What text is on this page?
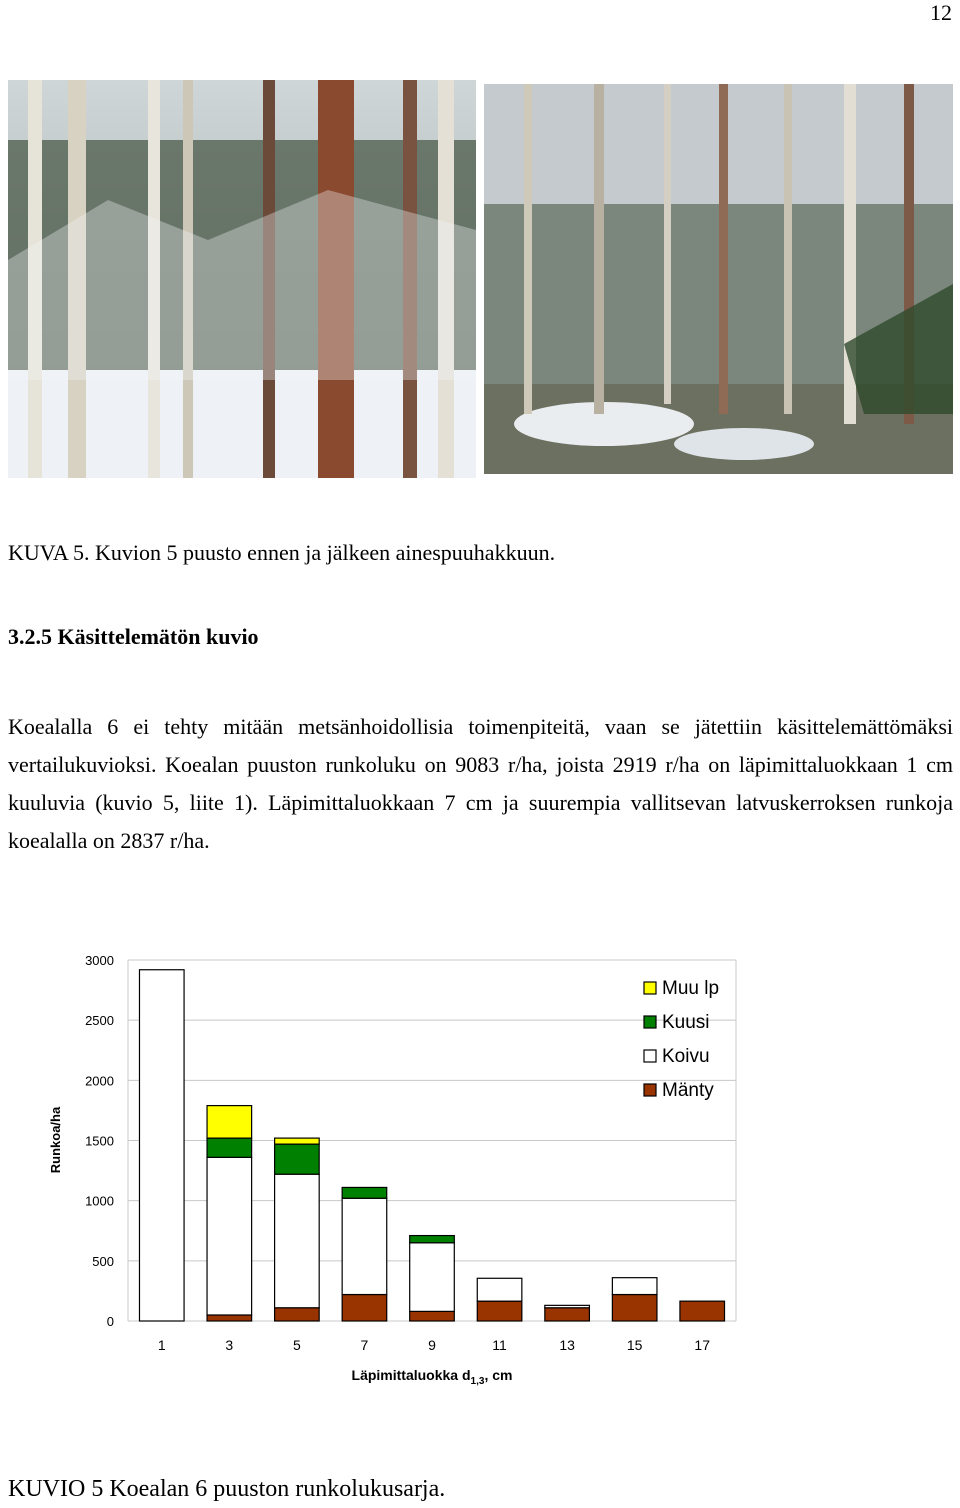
12
KUVA 5. Kuvion 5 puusto ennen ja jälkeen ainespuuhakkuun.
3.2.5 Käsittelemätön kuvio
Koealalla 6 ei tehty mitään metsänhoidollisia toimenpiteitä, vaan se jätettiin käsittelemättömäksi vertailukuvioksi. Koealan puuston runkoluku on 9083 r/ha, joista 2919 r/ha on läpimittaluokkaan 1 cm kuuluvia (kuvio 5, liite 1). Läpimittaluokkaan 7 cm ja suurempia vallitsevan latvuskerroksen runkoja koealalla on 2837 r/ha.
0
500
1000
1500
2000
2500
3000
1	3	5	7	9	11	13	15	17
Runkoa/ha
Läpimittaluokka $d_{1,3}$, cm
Muu lp
Kuusi
Koivu
Mänty
KUVIO 5 Koealan 6 puuston runkolukusarja.
